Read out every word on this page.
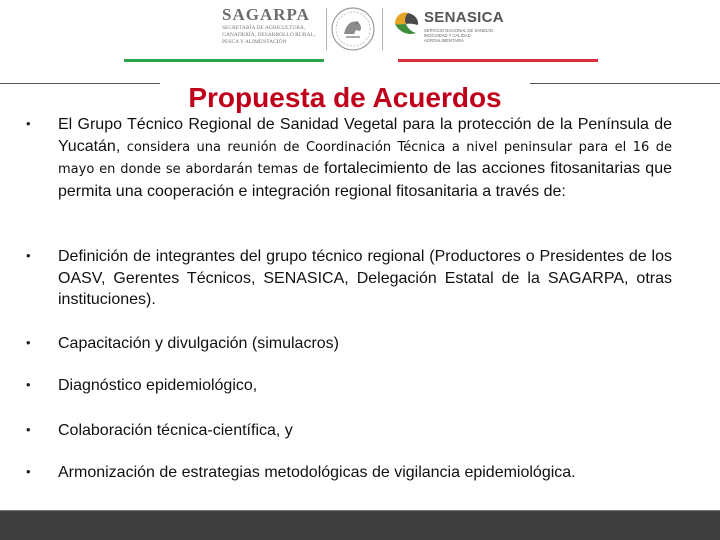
SAGARPA
SECRETARÍA DE AGRICULTURA, GANADERÍA, DESARROLLO RURAL, PESCA Y ALIMENTACIÓN
SENASICA
SERVICIO NACIONAL DE SANIDAD, INOCUIDAD Y CALIDAD AGROALIMENTARIA
Propuesta de Acuerdos
• El Grupo Técnico Regional de Sanidad Vegetal para la protección de la Península de Yucatán, considera una reunión de Coordinación Técnica a nivel peninsular para el 16 de mayo en donde se abordarán temas de fortalecimiento de las acciones fitosanitarias que permita una cooperación e integración regional fitosanitaria a través de:
• Definición de integrantes del grupo técnico regional (Productores o Presidentes de los OASV, Gerentes Técnicos, SENASICA, Delegación Estatal de la SAGARPA, otras instituciones).
• Capacitación y divulgación (simulacros)
• Diagnóstico epidemiológico,
• Colaboración técnica-científica, y
• Armonización de estrategias metodológicas de vigilancia epidemiológica.
